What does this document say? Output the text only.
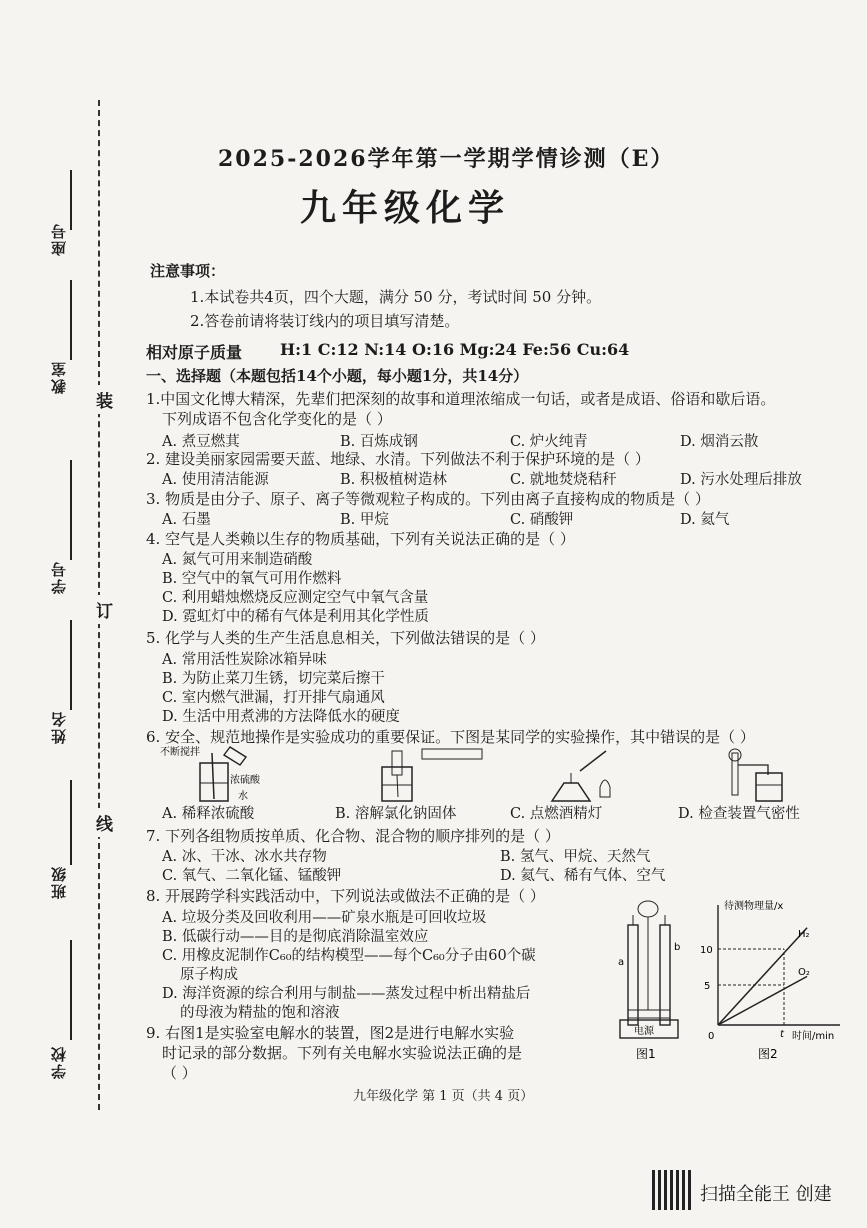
座号
教室
学号
姓名
班级
学校
装
订
线
2025-2026学年第一学期学情诊测（E）
九年级化学
注意事项：
1.本试卷共4页，四个大题，满分 50 分，考试时间 50 分钟。
2.答卷前请将装订线内的项目填写清楚。
相对原子质量 H:1 C:12 N:14 O:16 Mg:24 Fe:56 Cu:64
一、选择题（本题包括14个小题，每小题1分，共14分）
1.中国文化博大精深，先辈们把深刻的故事和道理浓缩成一句话，或者是成语、俗语和歇后语。
下列成语不包含化学变化的是（ ）
A. 煮豆燃萁	B. 百炼成钢	C. 炉火纯青	D. 烟消云散
2. 建设美丽家园需要天蓝、地绿、水清。下列做法不利于保护环境的是（ ）
A. 使用清洁能源	B. 积极植树造林	C. 就地焚烧秸秆	D. 污水处理后排放
3. 物质是由分子、原子、离子等微观粒子构成的。下列由离子直接构成的物质是（ ）
A. 石墨	B. 甲烷	C. 硝酸钾	D. 氦气
4. 空气是人类赖以生存的物质基础，下列有关说法正确的是（ ）
A. 氮气可用来制造硝酸
B. 空气中的氧气可用作燃料
C. 利用蜡烛燃烧反应测定空气中氧气含量
D. 霓虹灯中的稀有气体是利用其化学性质
5. 化学与人类的生产生活息息相关，下列做法错误的是（ ）
A. 常用活性炭除冰箱异味
B. 为防止菜刀生锈，切完菜后擦干
C. 室内燃气泄漏，打开排气扇通风
D. 生活中用煮沸的方法降低水的硬度
6. 安全、规范地操作是实验成功的重要保证。下图是某同学的实验操作，其中错误的是（ ）
不断搅拌
浓硫酸
水
A. 稀释浓硫酸	B. 溶解氯化钠固体	C. 点燃酒精灯	D. 检查装置气密性
7. 下列各组物质按单质、化合物、混合物的顺序排列的是（ ）
A. 冰、干冰、冰水共存物	B. 氢气、甲烷、天然气
C. 氧气、二氧化锰、锰酸钾	D. 氦气、稀有气体、空气
8. 开展跨学科实践活动中，下列说法或做法不正确的是（ ）
A. 垃圾分类及回收利用——矿泉水瓶是可回收垃圾
B. 低碳行动——目的是彻底消除温室效应
C. 用橡皮泥制作C₆₀的结构模型——每个C₆₀分子由60个碳
原子构成
D. 海洋资源的综合利用与制盐——蒸发过程中析出精盐后
的母液为精盐的饱和溶液
9. 右图1是实验室电解水的装置，图2是进行电解水实验
时记录的部分数据。下列有关电解水实验说法正确的是
（ ）
电源
a
b
图1
待测物理量/x
时间/min
0	t
5
10
H₂
O₂
图2
九年级化学 第 1 页（共 4 页）
扫描全能王 创建
